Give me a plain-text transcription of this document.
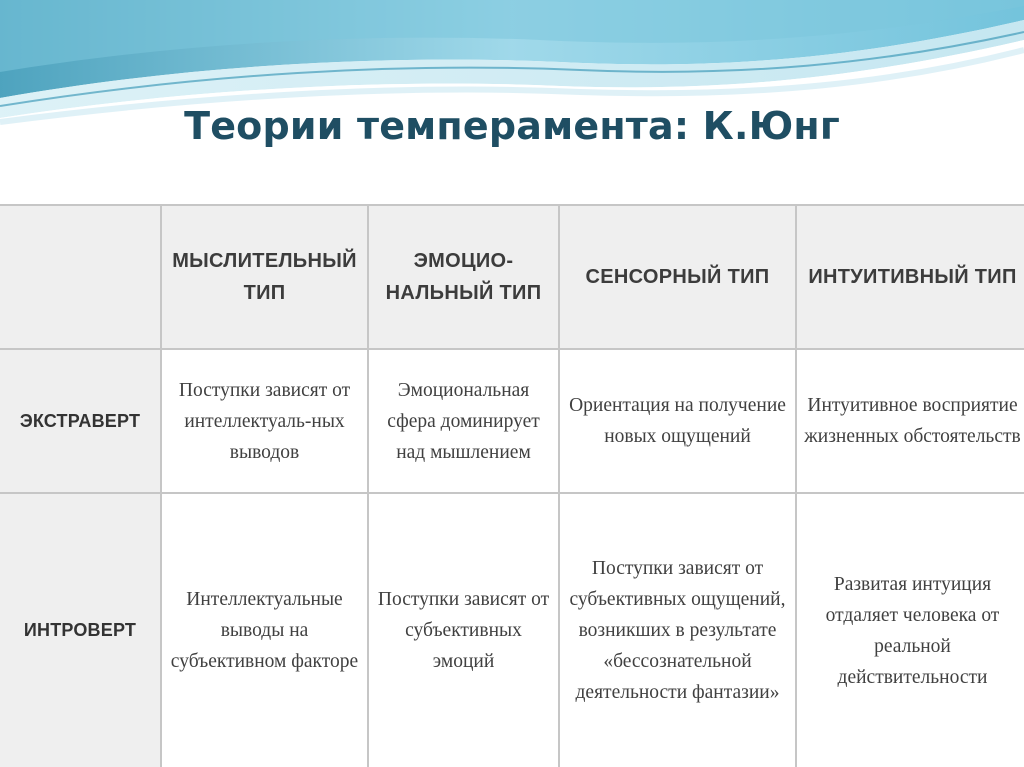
Теории темперамента: К.Юнг
	МЫСЛИТЕЛЬНЫЙ ТИП	ЭМОЦИО-НАЛЬНЫЙ ТИП	СЕНСОРНЫЙ ТИП	ИНТУИТИВНЫЙ ТИП
ЭКСТРАВЕРТ	Поступки зависят от интеллектуаль-ных выводов	Эмоциональная сфера доминирует над мышлением	Ориентация на получение новых ощущений	Интуитивное восприятие жизненных обстоятельств
ИНТРОВЕРТ	Интеллектуальные выводы на субъективном факторе	Поступки зависят от субъективных эмоций	Поступки зависят от субъективных ощущений, возникших в результате «бессознательной деятельности фантазии»	Развитая интуиция отдаляет человека от реальной действительности
